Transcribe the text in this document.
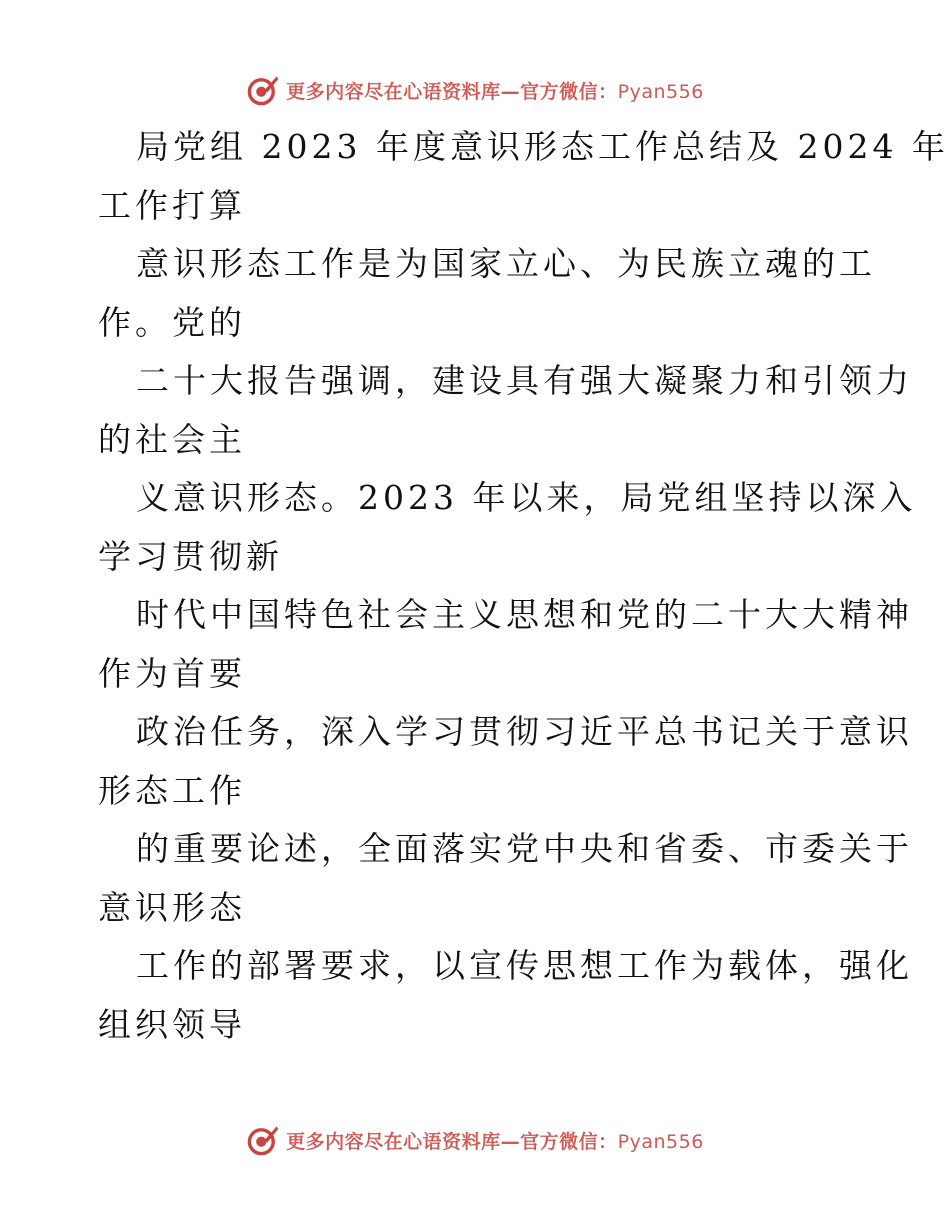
更多内容尽在心语资料库—官方微信：Pyan556
局党组 2023 年度意识形态工作总结及 2024 年
工作打算
意识形态工作是为国家立心、为民族立魂的工
作。党的
二十大报告强调，建设具有强大凝聚力和引领力
的社会主
义意识形态。2023 年以来，局党组坚持以深入
学习贯彻新
时代中国特色社会主义思想和党的二十大大精神
作为首要
政治任务，深入学习贯彻习近平总书记关于意识
形态工作
的重要论述，全面落实党中央和省委、市委关于
意识形态
工作的部署要求，以宣传思想工作为载体，强化
组织领导
更多内容尽在心语资料库—官方微信：Pyan556
